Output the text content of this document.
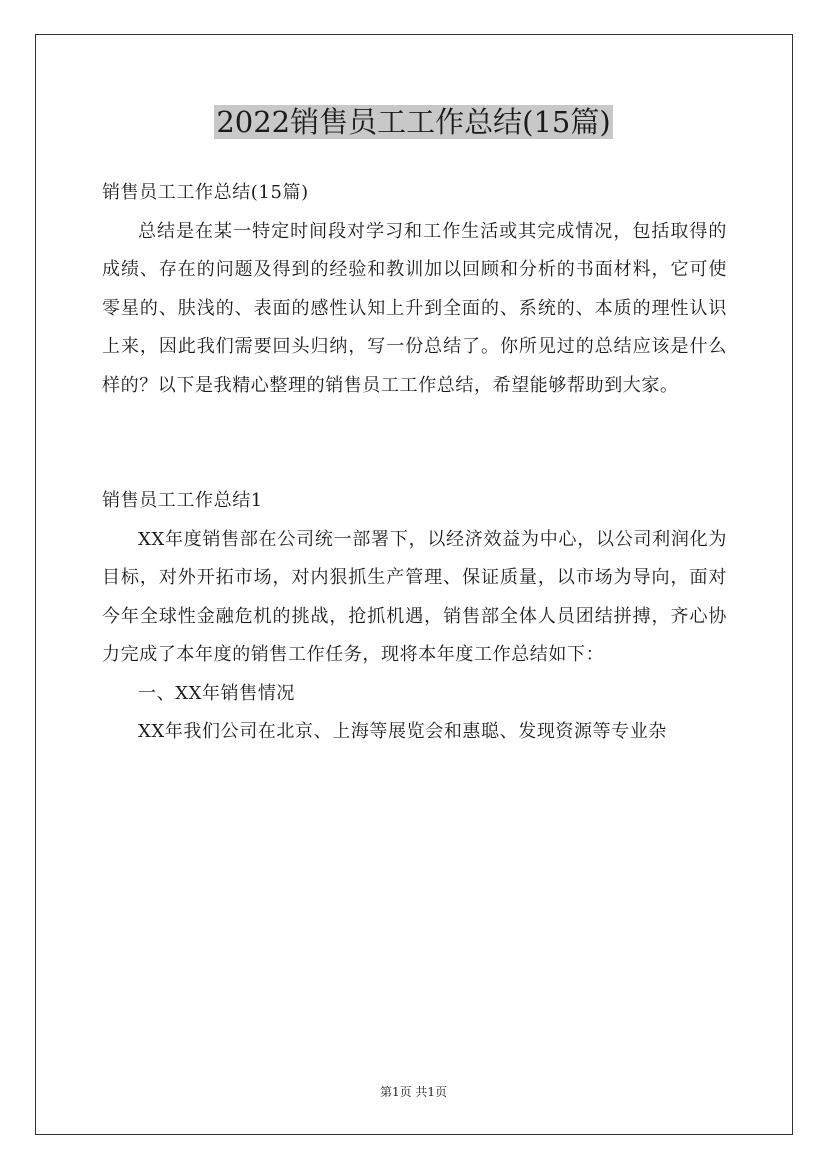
2022销售员工工作总结(15篇)

销售员工工作总结(15篇)

总结是在某一特定时间段对学习和工作生活或其完成情况，包括取得的成绩、存在的问题及得到的经验和教训加以回顾和分析的书面材料，它可使零星的、肤浅的、表面的感性认知上升到全面的、系统的、本质的理性认识上来，因此我们需要回头归纳，写一份总结了。你所见过的总结应该是什么样的？以下是我精心整理的销售员工工作总结，希望能够帮助到大家。

销售员工工作总结1

XX年度销售部在公司统一部署下，以经济效益为中心，以公司利润化为目标，对外开拓市场，对内狠抓生产管理、保证质量，以市场为导向，面对今年全球性金融危机的挑战，抢抓机遇，销售部全体人员团结拼搏，齐心协力完成了本年度的销售工作任务，现将本年度工作总结如下：

一、XX年销售情况

XX年我们公司在北京、上海等展览会和惠聪、发现资源等专业杂

第1页 共1页
